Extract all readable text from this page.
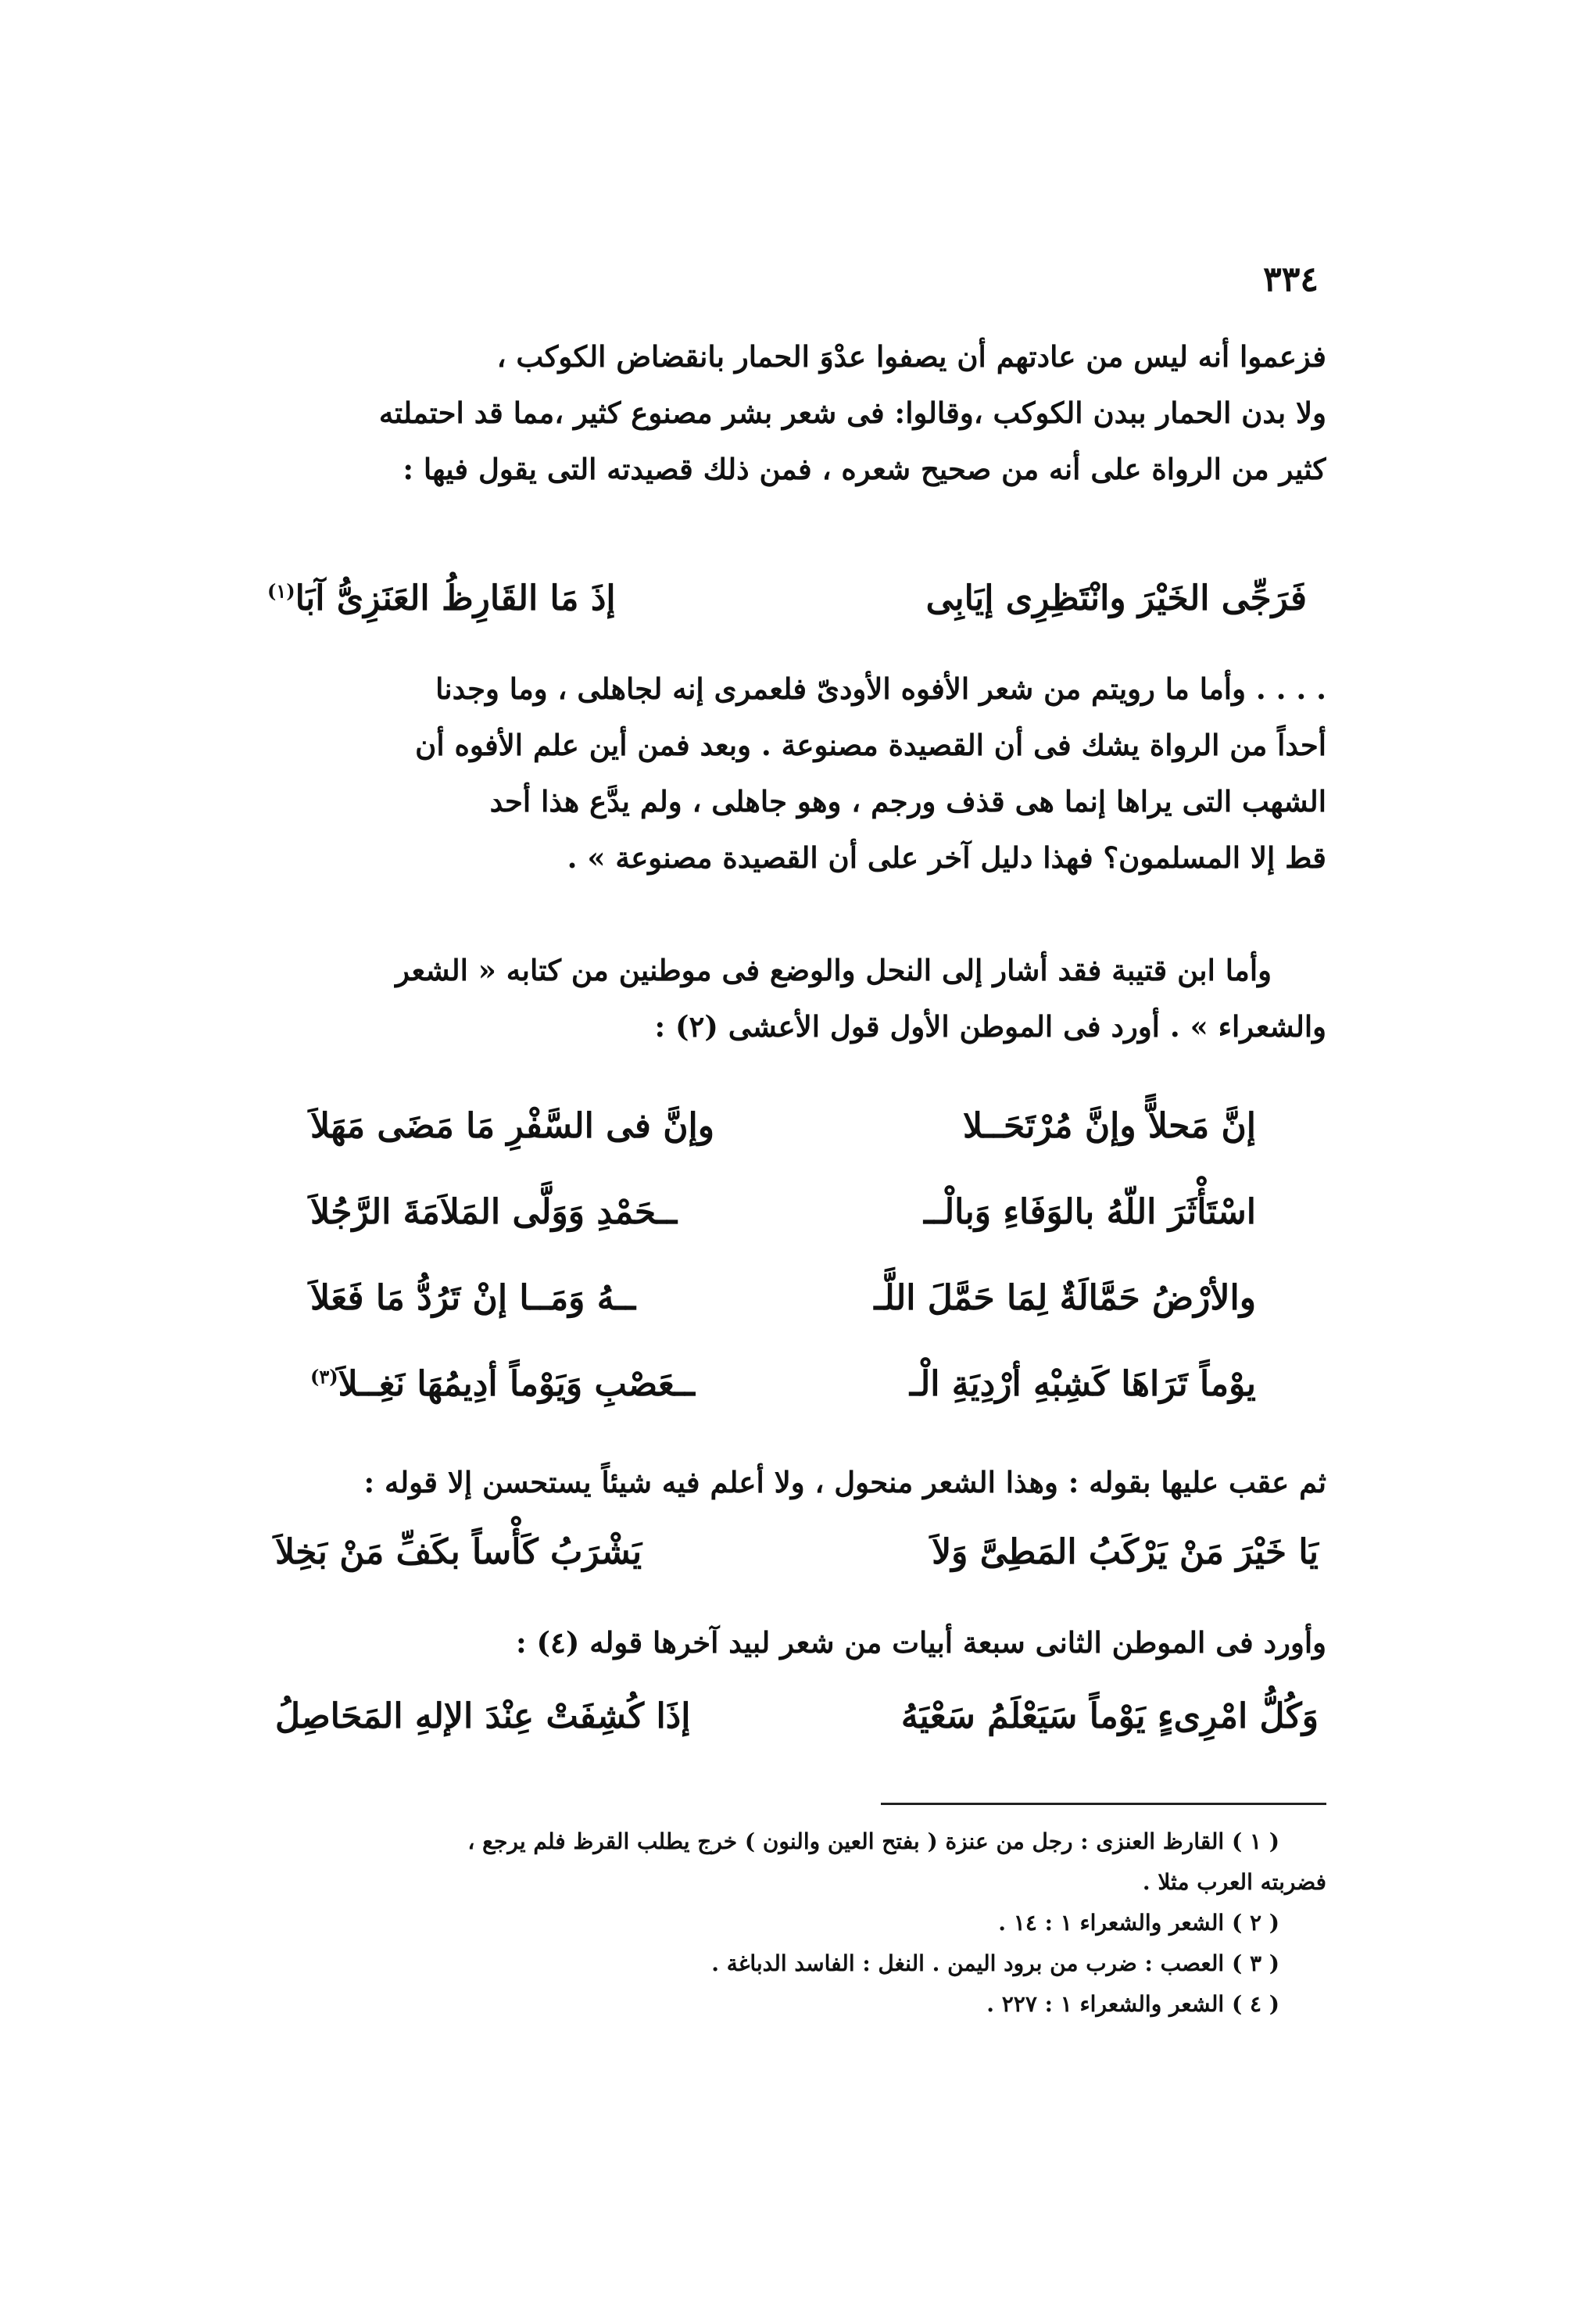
٣٣٤

فزعموا أنه ليس من عادتهم أن يصفوا عدْوَ الحمار بانقضاض الكوكب ،
ولا بدن الحمار ببدن الكوكب ،وقالوا: فى شعر بشر مصنوع كثير ،مما قد احتملته
كثير من الرواة على أنه من صحيح شعره ، فمن ذلك قصيدته التى يقول فيها :

فَرَجِّى الخَيْرَ وانْتَظِرِى إيَابِى
إذَ مَا القَارِظُ العَنَزِىُّ آبَا$^{(١)}$

. . . . وأما ما رويتم من شعر الأفوه الأودىّ فلعمرى إنه لجاهلى ، وما وجدنا
أحداً من الرواة يشك فى أن القصيدة مصنوعة . وبعد فمن أين علم الأفوه أن
الشهب التى يراها إنما هى قذف ورجم ، وهو جاهلى ، ولم يدَّع هذا أحد
قط إلا المسلمون؟ فهذا دليل آخر على أن القصيدة مصنوعة » .

وأما ابن قتيبة فقد أشار إلى النحل والوضع فى موطنين من كتابه « الشعر
والشعراء » . أورد فى الموطن الأول قول الأعشى (٢) :

إنَّ مَحلاًّ وإنَّ مُرْتَحَــلا
وإنَّ فى السَّفْرِ مَا مَضَى مَهَلاَ
اسْتَأْثَرَ اللّهُ بالوَفَاءِ وَبالْــ
ــحَمْدِ وَوَلَّى المَلاَمَةَ الرَّجُلاَ
والأرْضُ حَمَّالَةٌ لِمَا حَمَّلَ اللَّـ
ــهُ وَمَــا إنْ تَرُدُّ مَا فَعَلاَ
يوْماً تَرَاهَا كَشِبْهِ أرْدِيَةِ الْـ
ــعَصْبِ وَيَوْماً أدِيمُهَا نَغِــلاَ$^{(٣)}$

ثم عقب عليها بقوله : وهذا الشعر منحول ، ولا أعلم فيه شيئاً يستحسن إلا قوله :

يَا خَيْرَ مَنْ يَرْكَبُ المَطِىَّ وَلاَ
يَشْرَبُ كَأْساً بكَفِّ مَنْ بَخِلاَ

وأورد فى الموطن الثانى سبعة أبيات من شعر لبيد آخرها قوله (٤) :

وَكُلُّ امْرِىءٍ يَوْماً سَيَعْلَمُ سَعْيَهُ
إذَا كُشِفَتْ عِنْدَ الإلهِ المَحَاصِلُ
( ١ ) القارظ العنزى : رجل من عنزة ( بفتح العين والنون ) خرج يطلب القرظ فلم يرجع ،
فضربته العرب مثلا .
( ٢ ) الشعر والشعراء ١ : ١٤ .
( ٣ ) العصب : ضرب من برود اليمن . النغل : الفاسد الدباغة .
( ٤ ) الشعر والشعراء ١ : ٢٢٧ .
